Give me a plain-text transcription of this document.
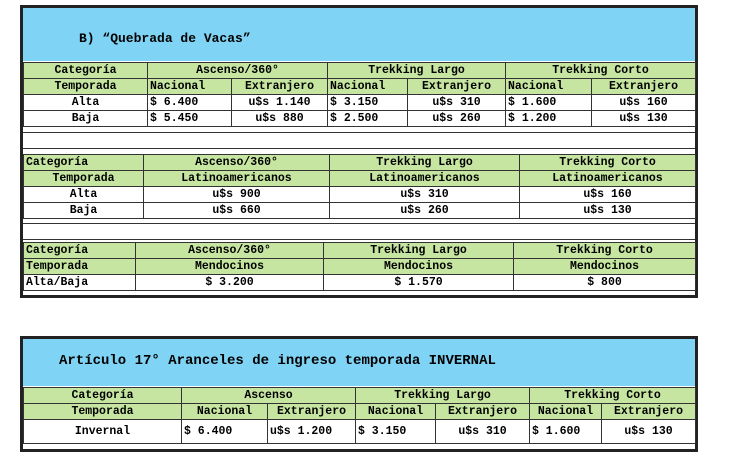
B) “Quebrada de Vacas”
Categoría	Ascenso/360°		Trekking Largo		Trekking Corto	
Temporada	Nacional	Extranjero	Nacional	Extranjero	Nacional	Extranjero
Alta	$ 6.400	u$s 1.140	$ 3.150	u$s 310	$ 1.600	u$s 160
Baja	$ 5.450	u$s 880	$ 2.500	u$s 260	$ 1.200	u$s 130
Categoría	Ascenso/360°	Trekking Largo	Trekking Corto
Temporada	Latinoamericanos	Latinoamericanos	Latinoamericanos
Alta	u$s 900	u$s 310	u$s 160
Baja	u$s 660	u$s 260	u$s 130
Categoría	Ascenso/360°	Trekking Largo	Trekking Corto
Temporada	Mendocinos	Mendocinos	Mendocinos
Alta/Baja	$ 3.200	$ 1.570	$ 800
Artículo 17° Aranceles de ingreso temporada INVERNAL
Categoría	Ascenso		Trekking Largo		Trekking Corto	
Temporada	Nacional	Extranjero	Nacional	Extranjero	Nacional	Extranjero
Invernal	$ 6.400	u$s 1.200	$ 3.150	u$s 310	$ 1.600	u$s 130
